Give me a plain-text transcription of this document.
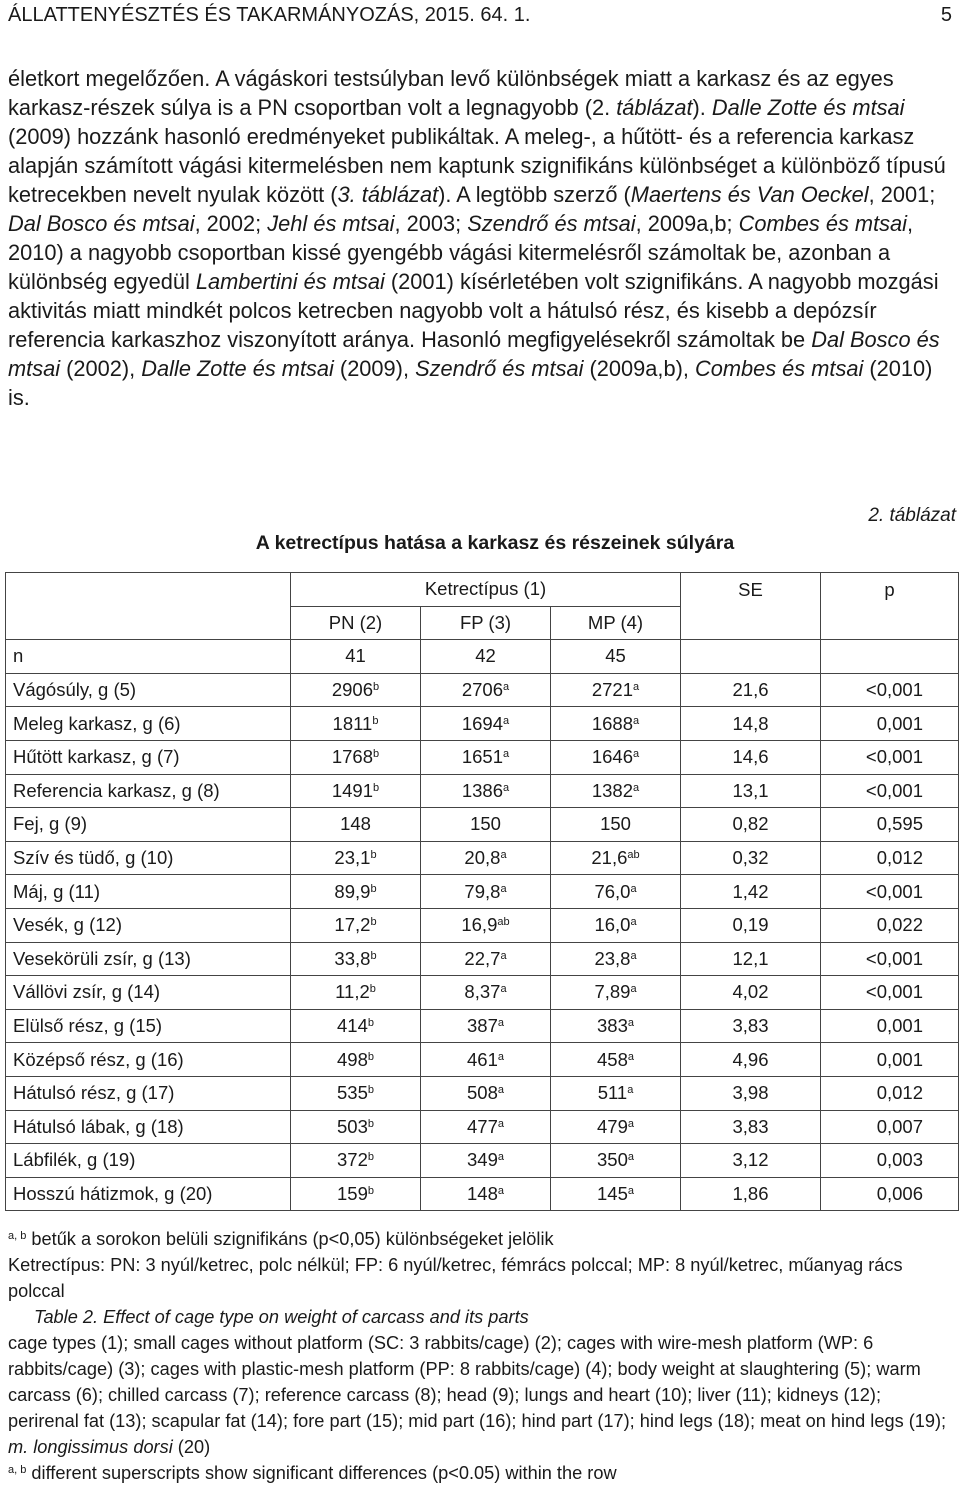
ÁLLATTENYÉSZTÉS ÉS TAKARMÁNYOZÁS, 2015. 64. 1.	5

életkort megelőzően. A vágáskori testsúlyban levő különbségek miatt a karkasz és az egyes karkasz-részek súlya is a PN csoportban volt a legnagyobb (2. táblázat). Dalle Zotte és mtsai (2009) hozzánk hasonló eredményeket publikáltak. A meleg-, a hűtött- és a referencia karkasz alapján számított vágási kitermelésben nem kaptunk szignifikáns különbséget a különböző típusú ketrecekben nevelt nyulak között (3. táblázat). A legtöbb szerző (Maertens és Van Oeckel, 2001; Dal Bosco és mtsai, 2002; Jehl és mtsai, 2003; Szendrő és mtsai, 2009a,b; Combes és mtsai, 2010) a nagyobb csoportban kissé gyengébb vágási kitermelésről számoltak be, azonban a különbség egyedül Lambertini és mtsai (2001) kísérletében volt szignifikáns. A nagyobb mozgási aktivitás miatt mindkét polcos ketrecben nagyobb volt a hátulsó rész, és kisebb a depózsír referencia karkaszhoz viszonyított aránya. Hasonló megfigyelésekről számoltak be Dal Bosco és mtsai (2002), Dalle Zotte és mtsai (2009), Szendrő és mtsai (2009a,b), Combes és mtsai (2010) is.

2. táblázat
A ketrectípus hatása a karkasz és részeinek súlyára
	Ketrectípus (1)			SE	p
	PN (2)	FP (3)	MP (4)		
n	41	42	45		
Vágósúly, g (5)	2906$^b$	2706$^a$	2721$^a$	21,6	<0,001
Meleg karkasz, g (6)	1811$^b$	1694$^a$	1688$^a$	14,8	0,001
Hűtött karkasz, g (7)	1768$^b$	1651$^a$	1646$^a$	14,6	<0,001
Referencia karkasz, g (8)	1491$^b$	1386$^a$	1382$^a$	13,1	<0,001
Fej, g (9)	148	150	150	0,82	0,595
Szív és tüdő, g (10)	23,1$^b$	20,8$^a$	21,6$^{ab}$	0,32	0,012
Máj, g (11)	89,9$^b$	79,8$^a$	76,0$^a$	1,42	<0,001
Vesék, g (12)	17,2$^b$	16,9$^{ab}$	16,0$^a$	0,19	0,022
Vesekörüli zsír, g (13)	33,8$^b$	22,7$^a$	23,8$^a$	12,1	<0,001
Vállövi zsír, g (14)	11,2$^b$	8,37$^a$	7,89$^a$	4,02	<0,001
Elülső rész, g (15)	414$^b$	387$^a$	383$^a$	3,83	0,001
Középső rész, g (16)	498$^b$	461$^a$	458$^a$	4,96	0,001
Hátulsó rész, g (17)	535$^b$	508$^a$	511$^a$	3,98	0,012
Hátulsó lábak, g (18)	503$^b$	477$^a$	479$^a$	3,83	0,007
Lábfilék, g (19)	372$^b$	349$^a$	350$^a$	3,12	0,003
Hosszú hátizmok, g (20)	159$^b$	148$^a$	145$^a$	1,86	0,006

$^{a, b}$ betűk a sorokon belüli szignifikáns (p<0,05) különbségeket jelölik

Ketrectípus: PN: 3 nyúl/ketrec, polc nélkül; FP: 6 nyúl/ketrec, fémrács polccal; MP: 8 nyúl/ketrec, műanyag rács polccal

Table 2. Effect of cage type on weight of carcass and its parts

cage types (1); small cages without platform (SC: 3 rabbits/cage) (2); cages with wire-mesh platform (WP: 6 rabbits/cage) (3); cages with plastic-mesh platform (PP: 8 rabbits/cage) (4); body weight at slaughtering (5); warm carcass (6); chilled carcass (7); reference carcass (8); head (9); lungs and heart (10); liver (11); kidneys (12); perirenal fat (13); scapular fat (14); fore part (15); mid part (16); hind part (17); hind legs (18); meat on hind legs (19); m. longissimus dorsi (20)

$^{a, b}$ different superscripts show significant differences (p<0.05) within the row
